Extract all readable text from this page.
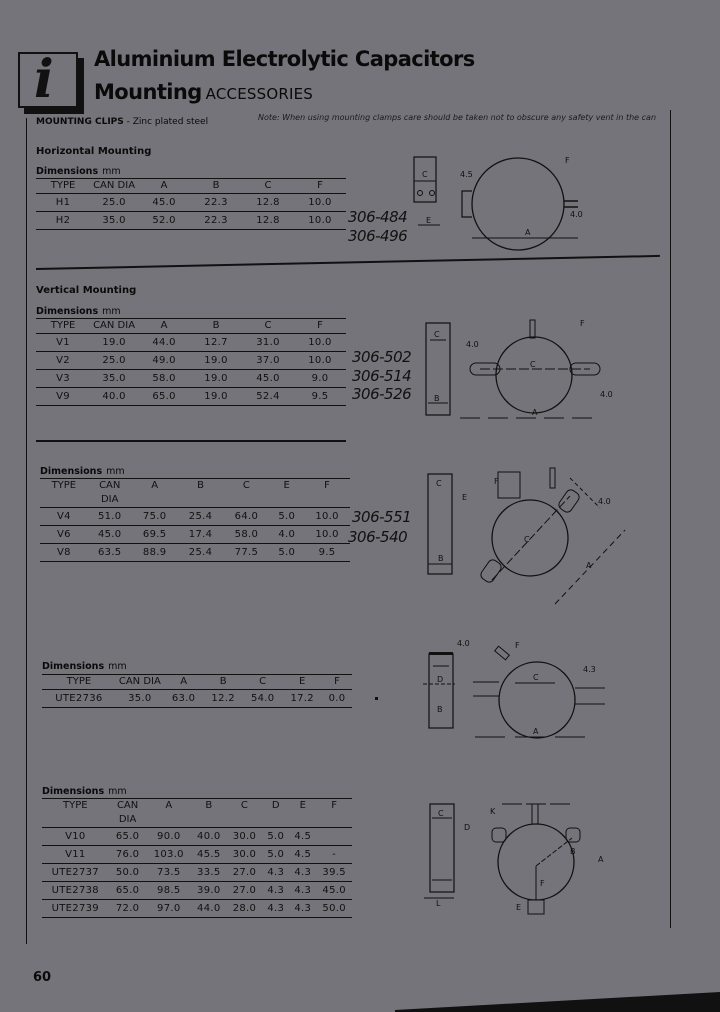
i Aluminium Electrolytic Capacitors
Mounting ACCESSORIES
MOUNTING CLIPS - Zinc plated steel	Note: When using mounting clamps care should be taken not to obscure any safety vent in the can
Horizontal Mounting
Dimensions mm
TYPE	CAN DIA	A	B	C	F
H1	25.0	45.0	22.3	12.8	10.0
H2	35.0	52.0	22.3	12.8	10.0 306-484
306-496
C	4.5
E
F
4.0
A
Vertical Mounting
Dimensions mm
TYPE	CAN DIA	A	B	C	F
V1	19.0	44.0	12.7	31.0	10.0
V2	25.0	49.0	19.0	37.0	10.0
V3	35.0	58.0	19.0	45.0	9.0
V9	40.0	65.0	19.0	52.4	9.5
306-502
306-514
306-526
C
B
4.0
C
F
4.0
A
Dimensions mm
TYPE	CAN DIA	A	B	C	E	F
V4	51.0	75.0	25.4	64.0	5.0	10.0
V6	45.0	69.5	17.4	58.0	4.0	10.0
V8	63.5	88.9	25.4	77.5	5.0	9.5
306-551
306-540
C
E
B
F
C
4.0
A
Dimensions mm
TYPE	CAN DIA	A	B	C	E	F
UTE2736	35.0	63.0	12.2	54.0	17.2	0.0
4.0
D
B
F
C
4.3
A
Dimensions mm
TYPE	CAN DIA	A	B	C	D	E	F
V10	65.0	90.0	40.0	30.0	5.0	4.5	
V11	76.0	103.0	45.5	30.0	5.0	4.5	-
UTE2737	50.0	73.5	33.5	27.0	4.3	4.3	39.5
UTE2738	65.0	98.5	39.0	27.0	4.3	4.3	45.0
UTE2739	72.0	97.0	44.0	28.0	4.3	4.3	50.0
C
D
L
K
B
F
E
A
60
